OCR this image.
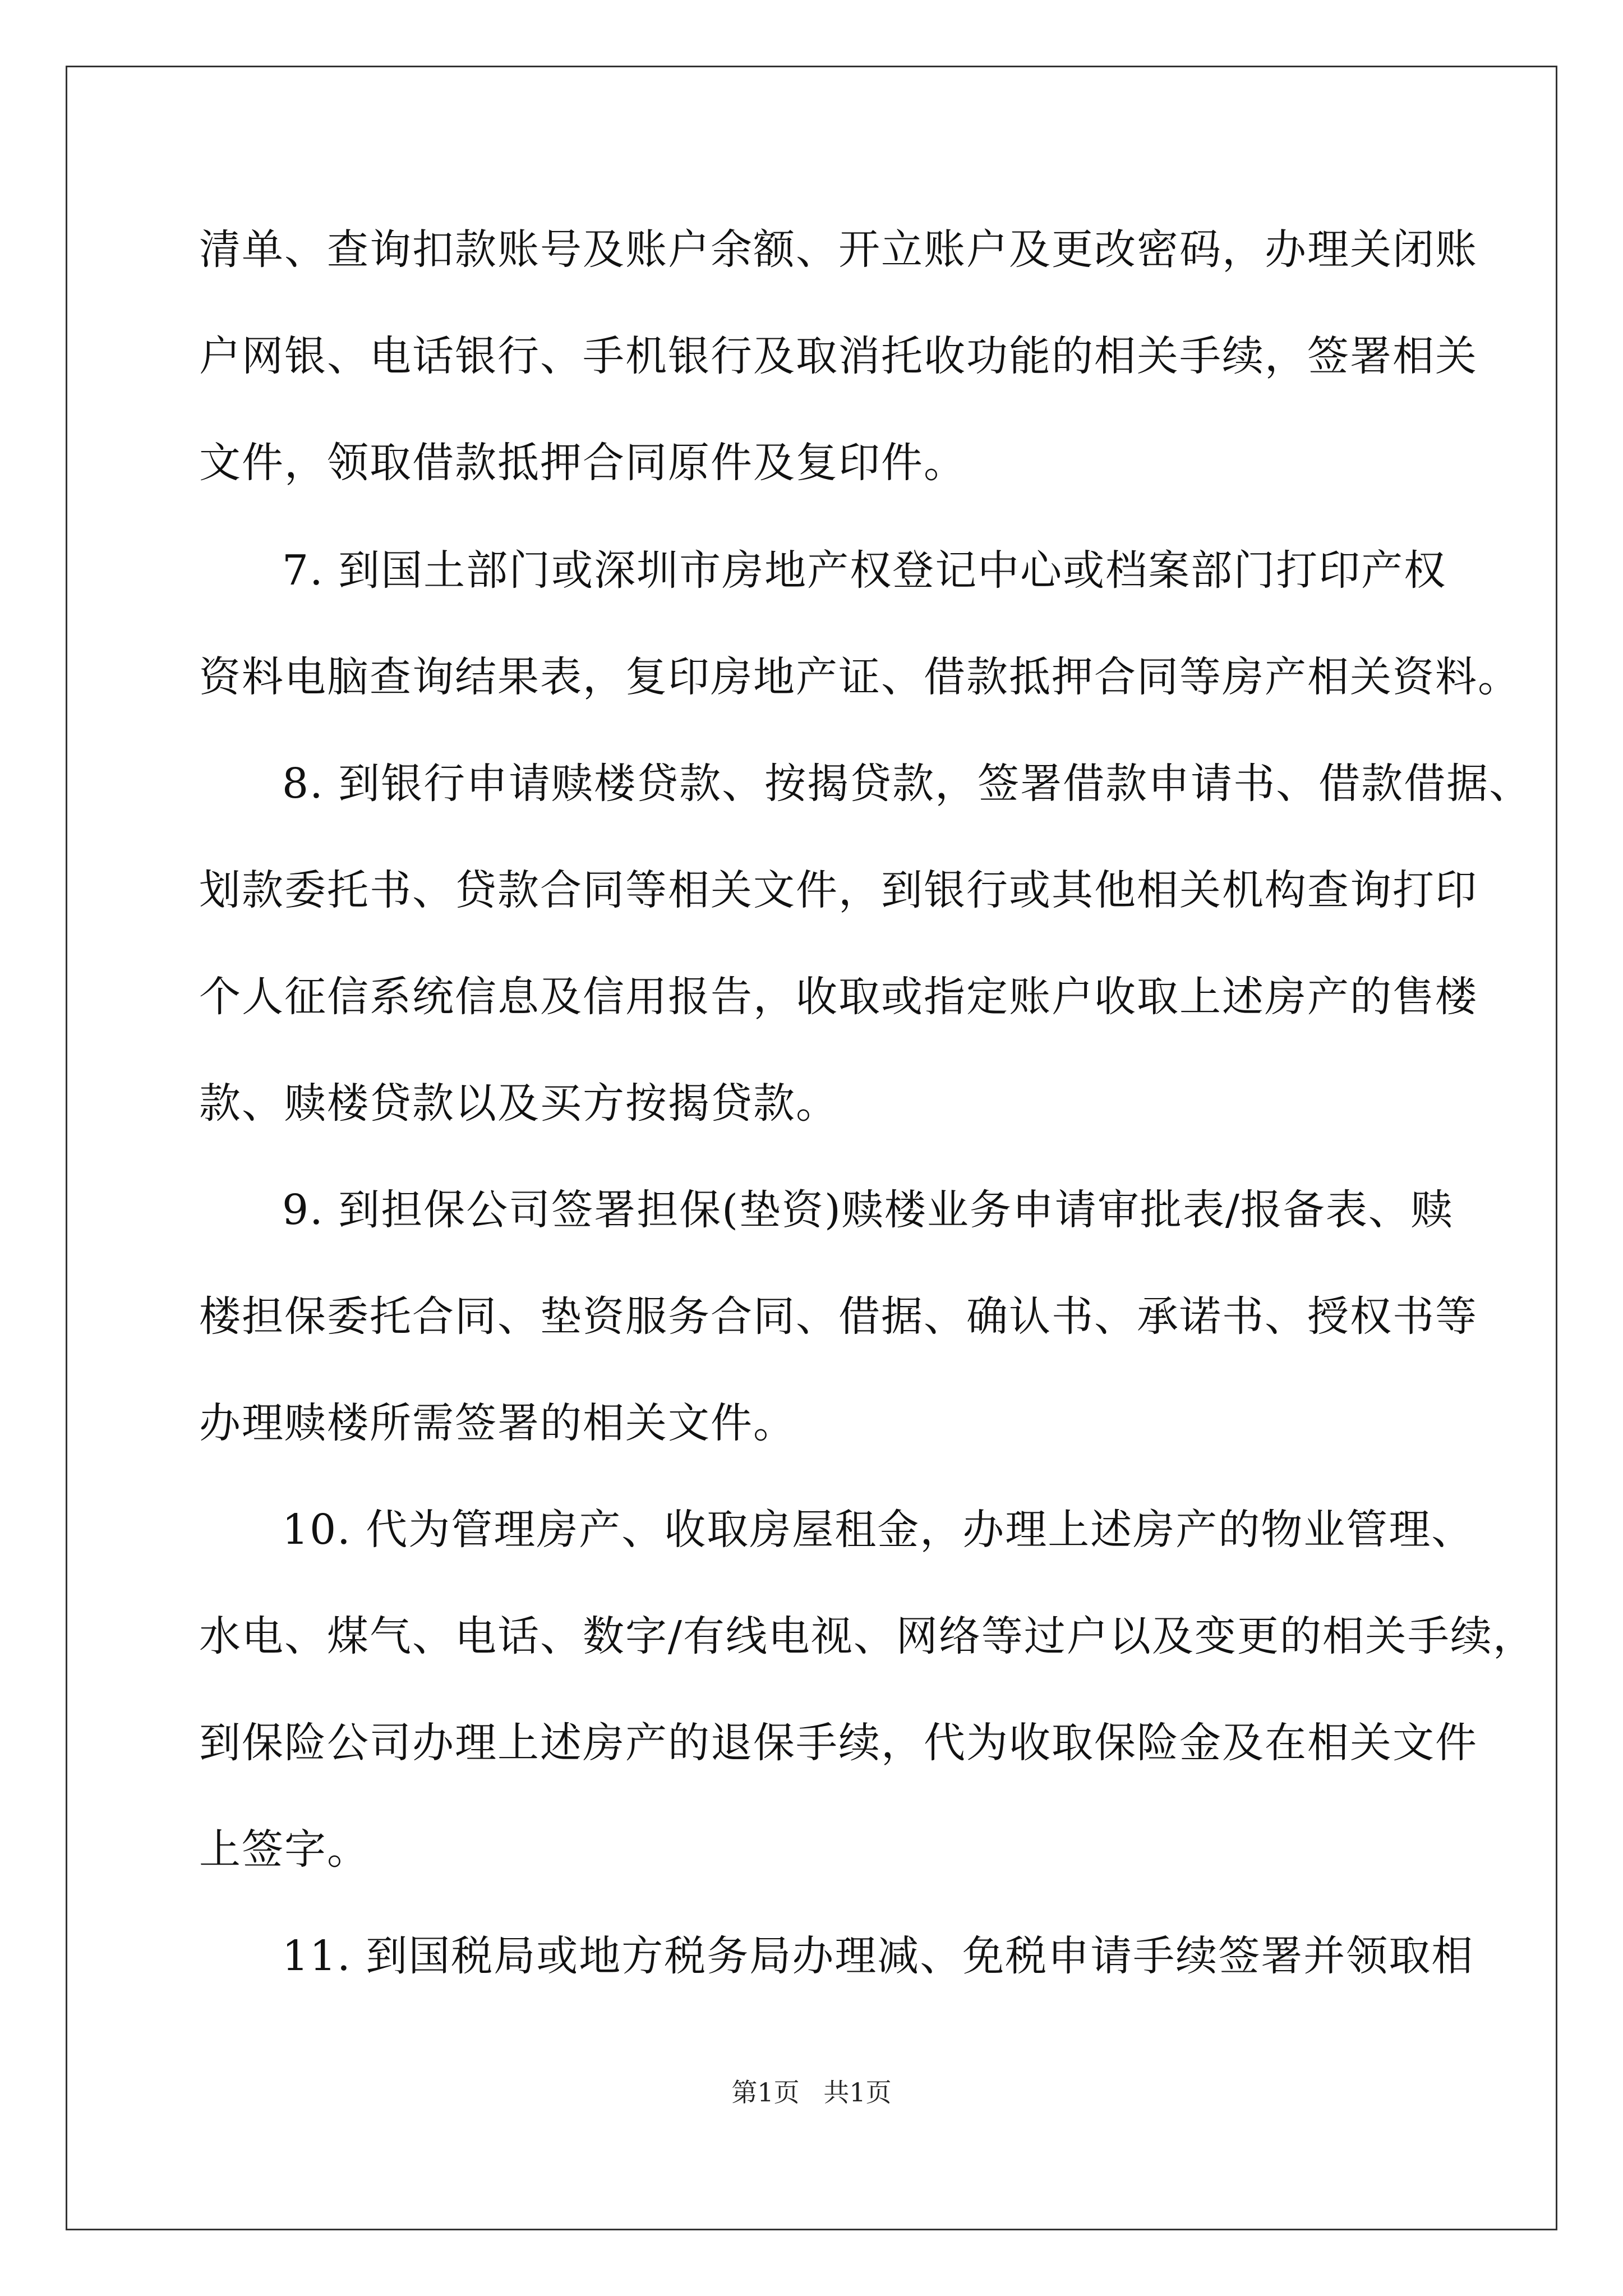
清单、查询扣款账号及账户余额、开立账户及更改密码，办理关闭账
户网银、电话银行、手机银行及取消托收功能的相关手续，签署相关
文件，领取借款抵押合同原件及复印件。
7. 到国土部门或深圳市房地产权登记中心或档案部门打印产权
资料电脑查询结果表，复印房地产证、借款抵押合同等房产相关资料。
8. 到银行申请赎楼贷款、按揭贷款，签署借款申请书、借款借据、
划款委托书、贷款合同等相关文件，到银行或其他相关机构查询打印
个人征信系统信息及信用报告，收取或指定账户收取上述房产的售楼
款、赎楼贷款以及买方按揭贷款。
9. 到担保公司签署担保(垫资)赎楼业务申请审批表/报备表、赎
楼担保委托合同、垫资服务合同、借据、确认书、承诺书、授权书等
办理赎楼所需签署的相关文件。
10. 代为管理房产、收取房屋租金，办理上述房产的物业管理、
水电、煤气、电话、数字/有线电视、网络等过户以及变更的相关手续，
到保险公司办理上述房产的退保手续，代为收取保险金及在相关文件
上签字。
11. 到国税局或地方税务局办理减、免税申请手续签署并领取相
第1页 共1页
